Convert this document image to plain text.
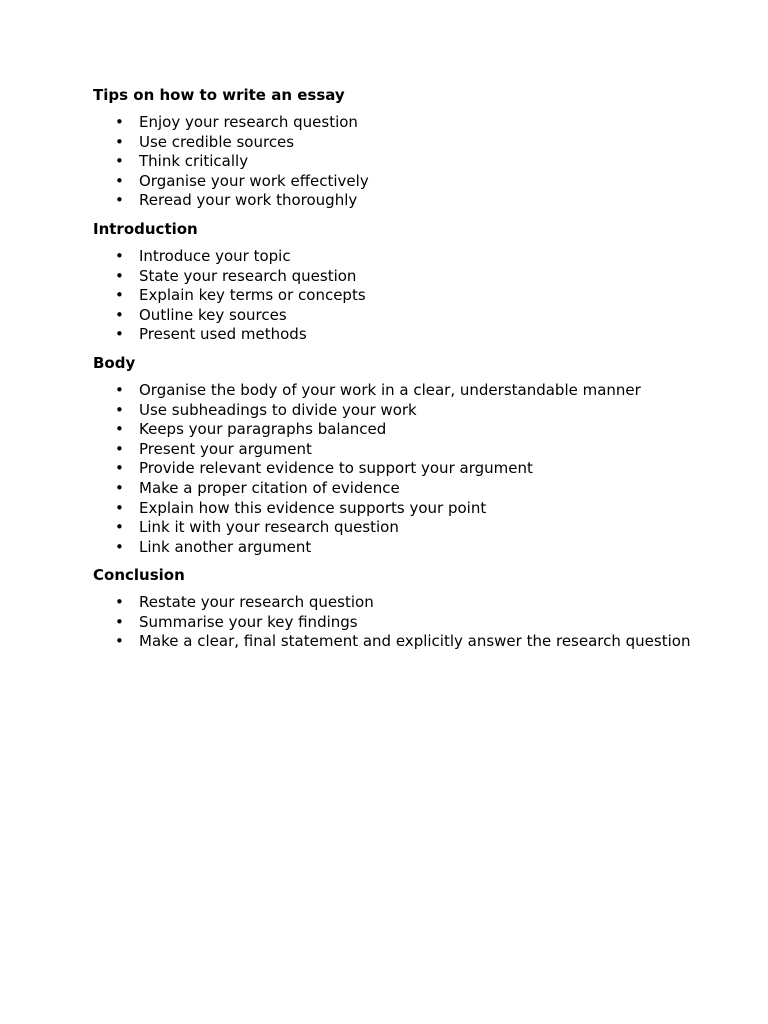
Tips on how to write an essay

• Enjoy your research question
• Use credible sources
• Think critically
• Organise your work effectively
• Reread your work thoroughly

Introduction

• Introduce your topic
• State your research question
• Explain key terms or concepts
• Outline key sources
• Present used methods

Body

• Organise the body of your work in a clear, understandable manner
• Use subheadings to divide your work
• Keeps your paragraphs balanced
• Present your argument
• Provide relevant evidence to support your argument
• Make a proper citation of evidence
• Explain how this evidence supports your point
• Link it with your research question
• Link another argument

Conclusion

• Restate your research question
• Summarise your key findings
• Make a clear, final statement and explicitly answer the research question
